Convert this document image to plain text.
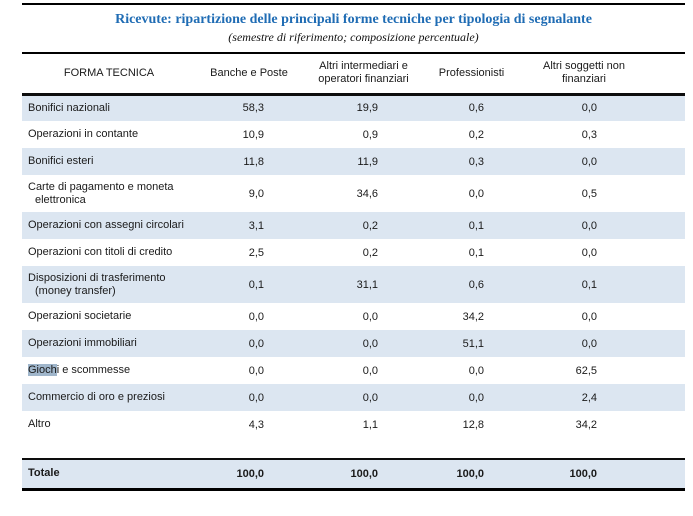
Ricevute: ripartizione delle principali forme tecniche per tipologia di segnalante
(semestre di riferimento; composizione percentuale)
FORMA TECNICA	Banche e Poste	Altri intermediari e operatori finanziari	Professionisti	Altri soggetti non finanziari	
Bonifici nazionali	58,3	19,9	0,6	0,0	
Operazioni in contante	10,9	0,9	0,2	0,3	
Bonifici esteri	11,8	11,9	0,3	0,0	
Carte di pagamento e moneta
elettronica	9,0	34,6	0,0	0,5	
Operazioni con assegni circolari	3,1	0,2	0,1	0,0	
Operazioni con titoli di credito	2,5	0,2	0,1	0,0	
Disposizioni di trasferimento
(money transfer)	0,1	31,1	0,6	0,1	
Operazioni societarie	0,0	0,0	34,2	0,0	
Operazioni immobiliari	0,0	0,0	51,1	0,0	
Giochi e scommesse	0,0	0,0	0,0	62,5	
Commercio di oro e preziosi	0,0	0,0	0,0	2,4	
Altro	4,3	1,1	12,8	34,2	

Totale	100,0	100,0	100,0	100,0	
